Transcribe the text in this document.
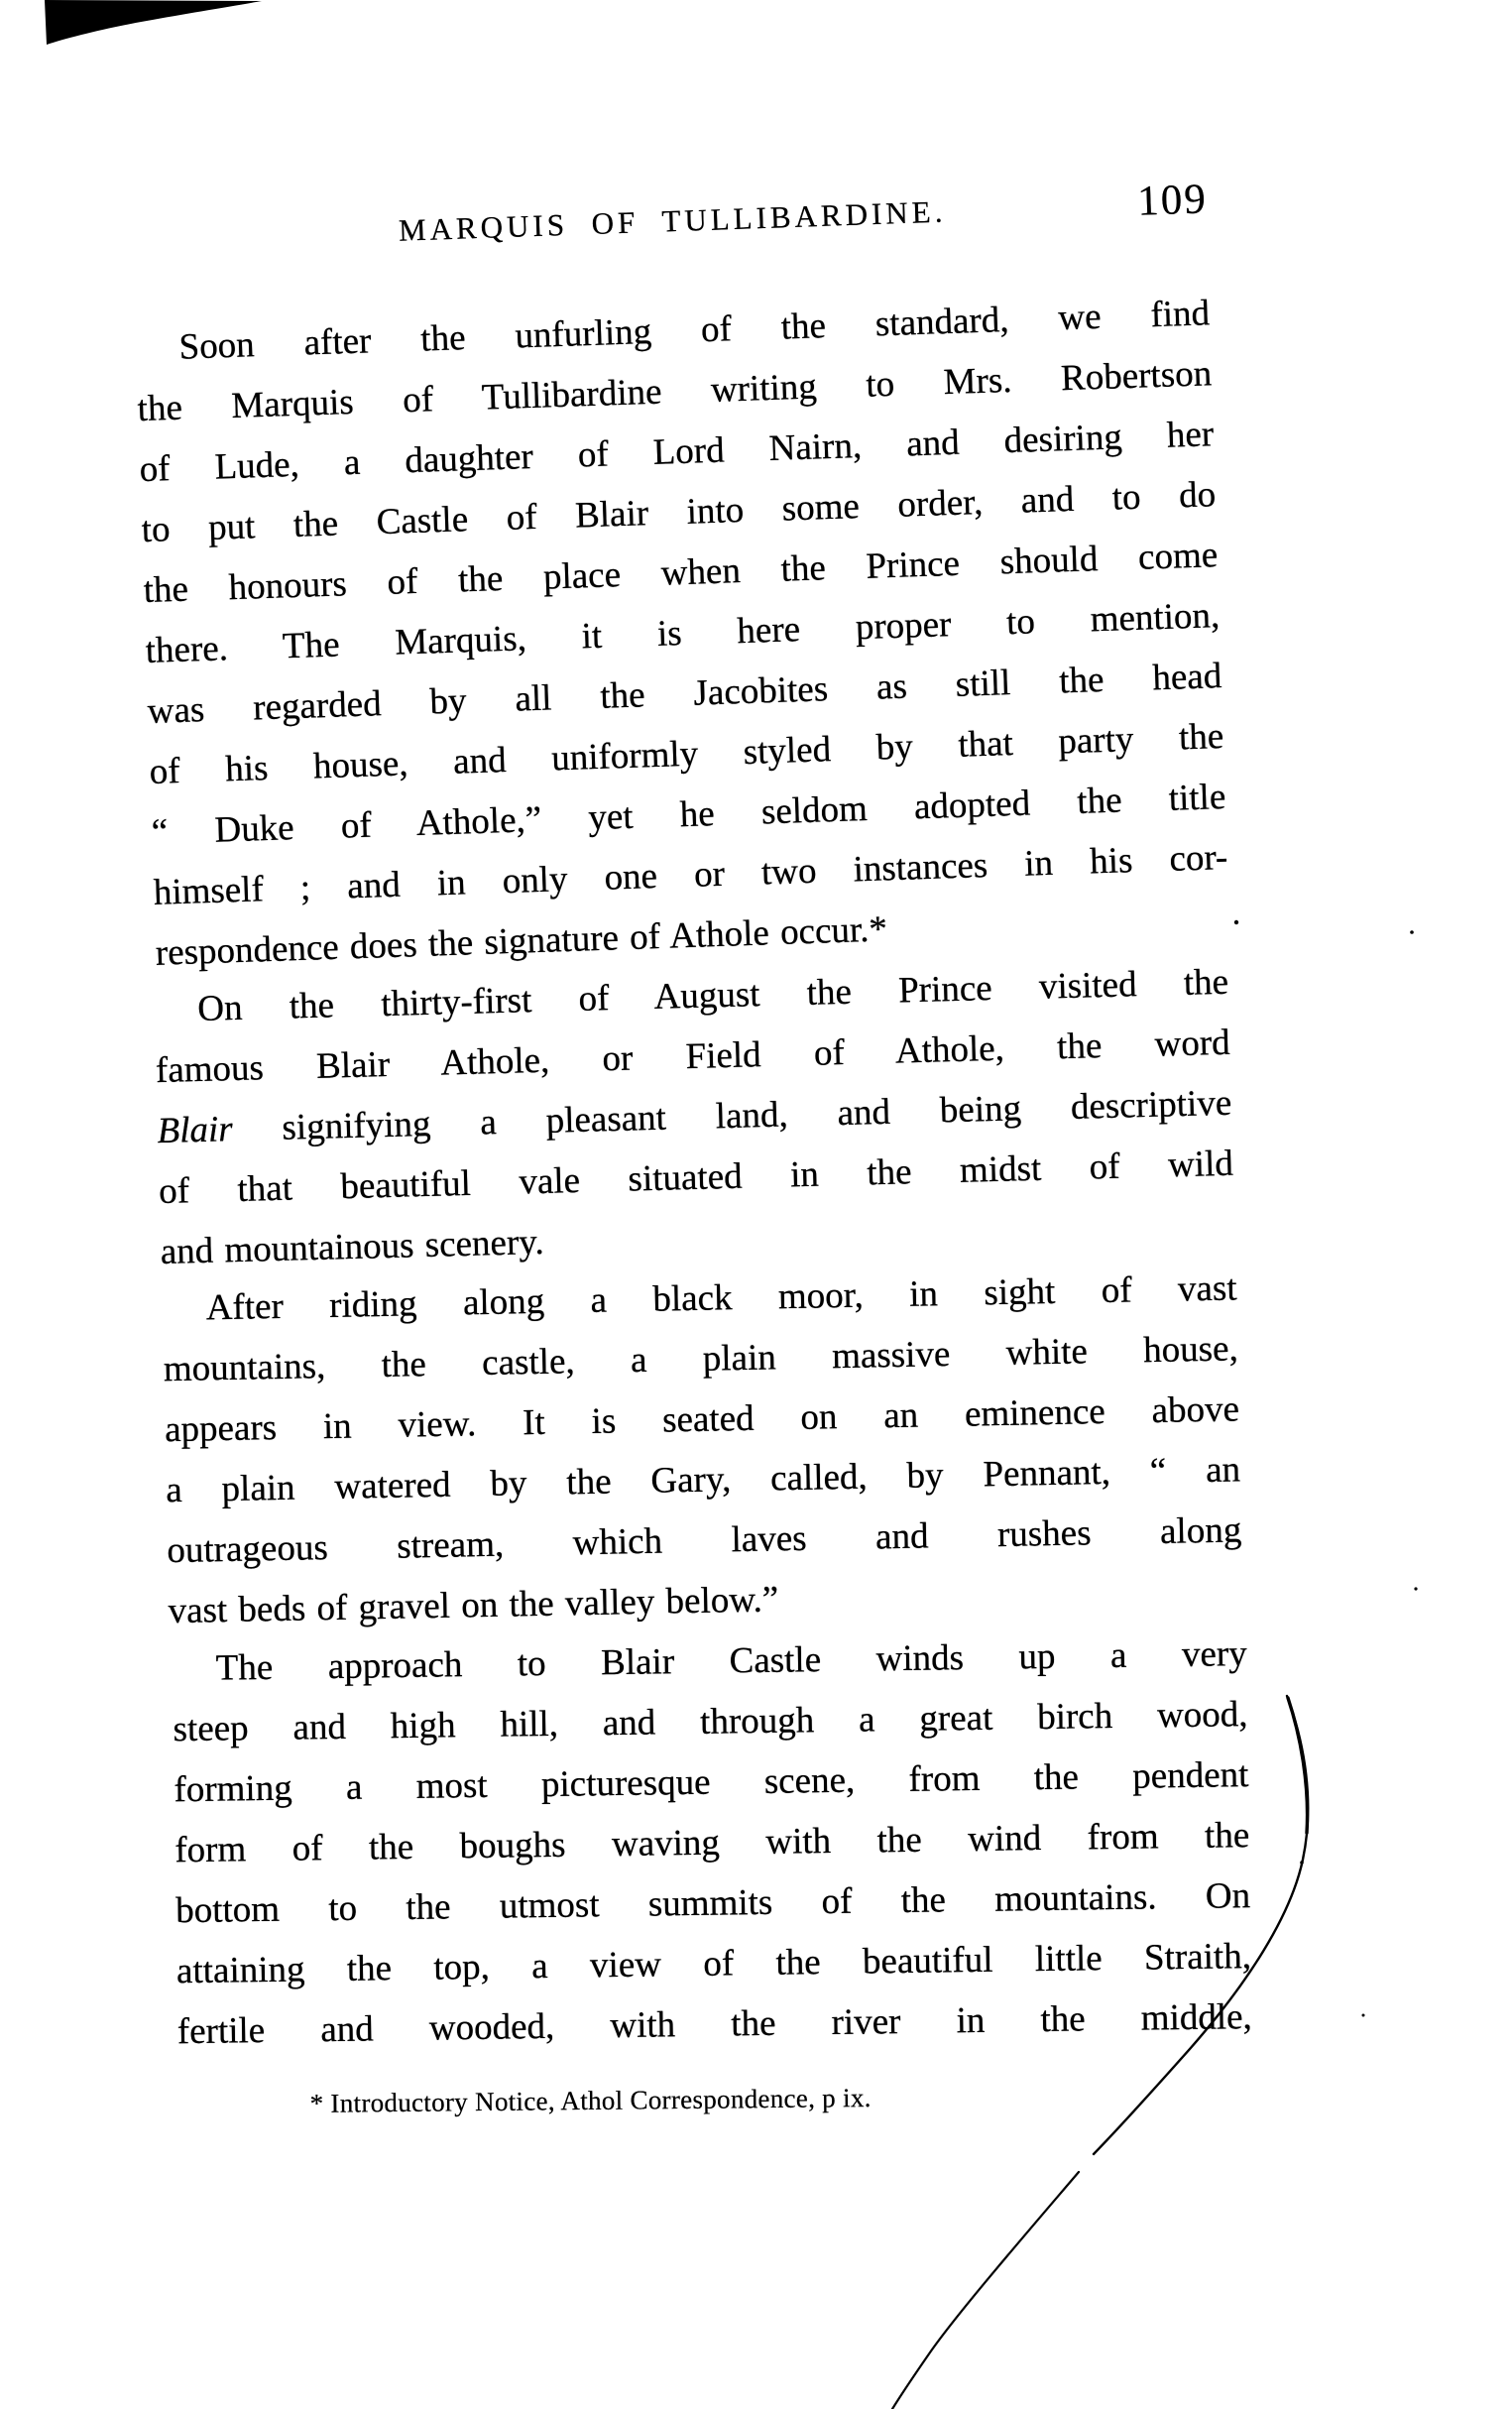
MARQUIS OF TULLIBARDINE.	109
Soon after the unfurling of the standard, we find
the Marquis of Tullibardine writing to Mrs. Robertson
of Lude, a daughter of Lord Nairn, and desiring her
to put the Castle of Blair into some order, and to do
the honours of the place when the Prince should come
there. The Marquis, it is here proper to mention,
was regarded by all the Jacobites as still the head
of his house, and uniformly styled by that party the
“ Duke of Athole,” yet he seldom adopted the title
himself ; and in only one or two instances in his cor-
respondence does the signature of Athole occur.*
On the thirty-first of August the Prince visited the
famous Blair Athole, or Field of Athole, the word
Blair signifying a pleasant land, and being descriptive
of that beautiful vale situated in the midst of wild
and mountainous scenery.
After riding along a black moor, in sight of vast
mountains, the castle, a plain massive white house,
appears in view. It is seated on an eminence above
a plain watered by the Gary, called, by Pennant, “ an
outrageous stream, which laves and rushes along
vast beds of gravel on the valley below.”
The approach to Blair Castle winds up a very
steep and high hill, and through a great birch wood,
forming a most picturesque scene, from the pendent
form of the boughs waving with the wind from the
bottom to the utmost summits of the mountains. On
attaining the top, a view of the beautiful little Straith,
fertile and wooded, with the river in the middle,
* Introductory Notice, Athol Correspondence, p ix.
